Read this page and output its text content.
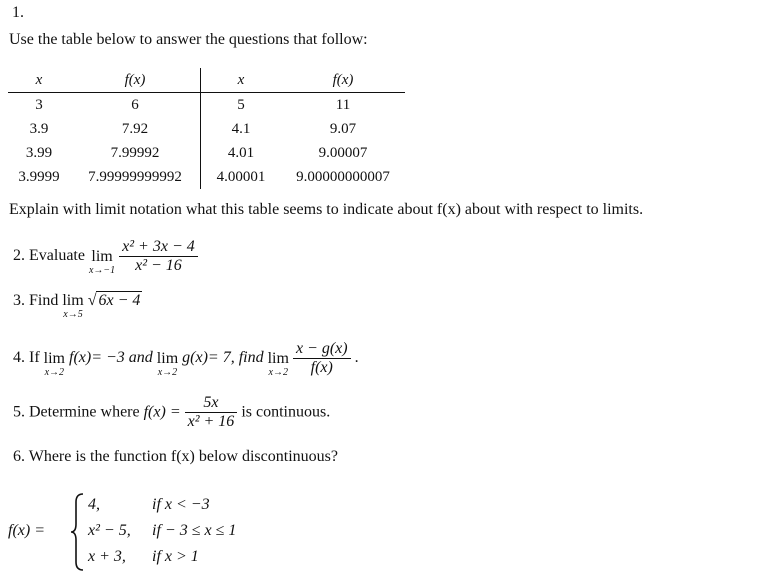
1.
Use the table below to answer the questions that follow:
x	f(x)	x	f(x)
3	6	5	11
3.9	7.92	4.1	9.07
3.99	7.99992	4.01	9.00007
3.9999	7.99999999992	4.00001	9.00000000007
Explain with limit notation what this table seems to indicate about f(x) about with respect to limits.
2. Evaluate lim
x→−1
$\frac{\text{x² + 3x − 4}}{\text{x² − 16}}$
3. Find lim
x→5
√ 6x − 4
4. If lim
x→2
f(x)= −3 and lim
x→2
g(x)= 7, find lim
x→2
$\frac{x - g(x)}{f(x)}$ .
5. Determine where $f(x) = \frac{5x}{\text{x² + 16}}$ is continuous.
6. Where is the function f(x) below discontinuous?
f(x) =
4,	if x < −3
x² − 5, if − 3 ≤ x ≤ 1
x + 3, if x > 1
